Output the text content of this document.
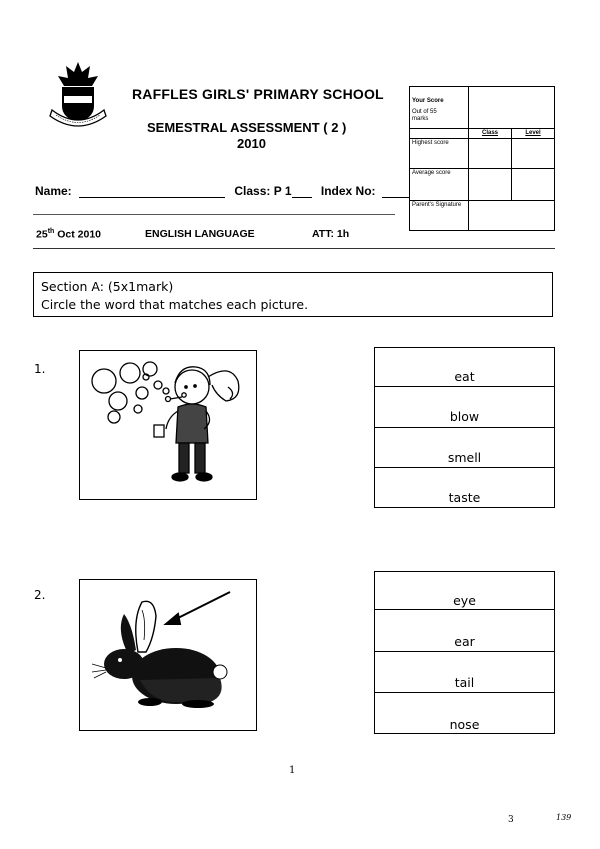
RAFFLES GIRLS' PRIMARY SCHOOL
SEMESTRAL ASSESSMENT ( 2 )
2010
Name:	Class: P 1 Index No:
25th Oct 2010	ENGLISH LANGUAGE	ATT: 1h
Your Score
Out of 55 marks		

	Class	Level
Highest score		
Average score		
Parent's Signature		
Section A: (5x1mark)
Circle the word that matches each picture.
1.	eat
blow
smell
taste
2.	eye
ear
tail
nose
1
3	139
